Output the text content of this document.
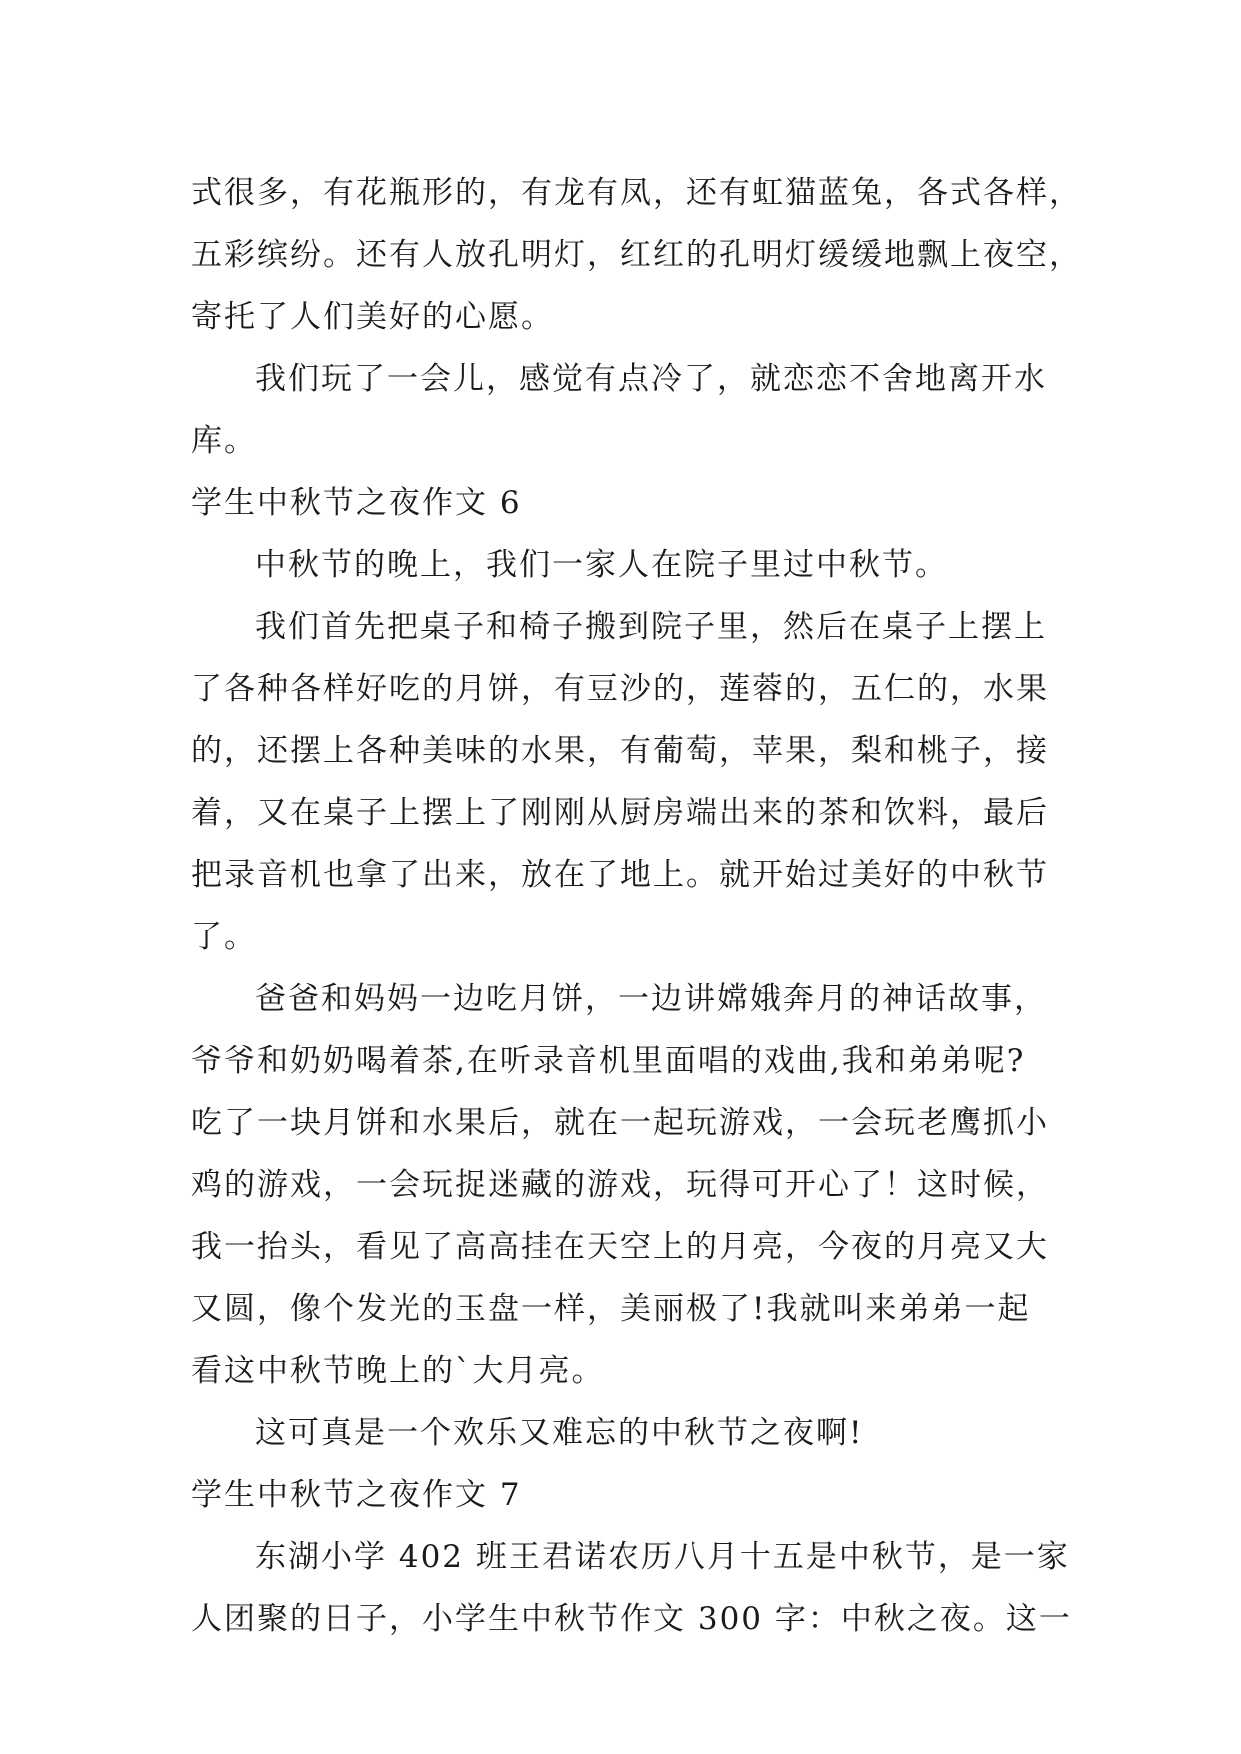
式很多，有花瓶形的，有龙有凤，还有虹猫蓝兔，各式各样，
五彩缤纷。还有人放孔明灯，红红的孔明灯缓缓地飘上夜空，
寄托了人们美好的心愿。
我们玩了一会儿，感觉有点冷了，就恋恋不舍地离开水
库。
学生中秋节之夜作文 6
中秋节的晚上，我们一家人在院子里过中秋节。
我们首先把桌子和椅子搬到院子里，然后在桌子上摆上
了各种各样好吃的月饼，有豆沙的，莲蓉的，五仁的，水果
的，还摆上各种美味的水果，有葡萄，苹果，梨和桃子，接
着，又在桌子上摆上了刚刚从厨房端出来的茶和饮料，最后
把录音机也拿了出来，放在了地上。就开始过美好的中秋节
了。
爸爸和妈妈一边吃月饼，一边讲嫦娥奔月的神话故事，
爷爷和奶奶喝着茶,在听录音机里面唱的戏曲,我和弟弟呢?
吃了一块月饼和水果后，就在一起玩游戏，一会玩老鹰抓小
鸡的游戏，一会玩捉迷藏的游戏，玩得可开心了！这时候，
我一抬头，看见了高高挂在天空上的月亮，今夜的月亮又大
又圆，像个发光的玉盘一样，美丽极了!我就叫来弟弟一起
看这中秋节晚上的`大月亮。
这可真是一个欢乐又难忘的中秋节之夜啊!
学生中秋节之夜作文 7
东湖小学 402 班王君诺农历八月十五是中秋节，是一家
人团聚的日子，小学生中秋节作文 300 字：中秋之夜。这一
